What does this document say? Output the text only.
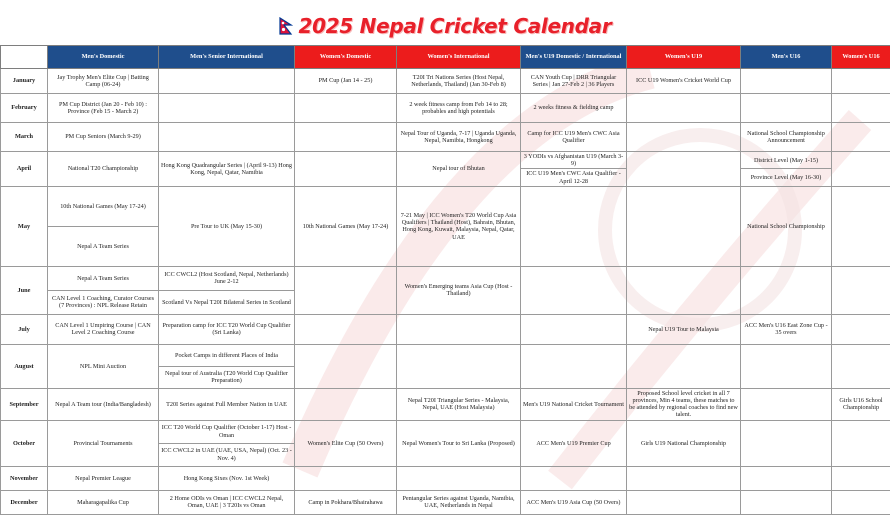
2025 Nepal Cricket Calendar
MONTH	Men's Domestic	Men's Senior International	Women's Domestic	Women's International	Men's U19 Domestic / International	Women's U19	Men's U16	Women's U16
January	Jay Trophy Men's Elite Cup | Batting Camp (06-24)		PM Cup (Jan 14 - 25)	T20I Tri Nations Series (Host Nepal, Netherlands, Thailand) (Jan 30-Feb 8)	CAN Youth Cup | DRR Triangular Series | Jan 27-Feb 2 | 36 Players	ICC U19 Women's Cricket World Cup		
February	PM Cup District (Jan 20 - Feb 10) : Province (Feb 15 - March 2)			2 week fitness camp from Feb 14 to 28; probables and high potentials	2 weeks fitness & fielding camp			
March	PM Cup Seniors (March 9-29)			Nepal Tour of Uganda, 7-17 | Uganda Uganda, Nepal, Namibia, Hongkong	Camp for ICC U19 Men's CWC Asia Qualifier		National School Championship Announcement	
April	National T20 Championship	Hong Kong Quadrangular Series | (April 9-13) Hong Kong, Nepal, Qatar, Namibia		Nepal tour of Bhutan	3 YODIs vs Afghanistan U19 (March 3-9)		District Level (May 1-15)	
					ICC U19 Men's CWC Asia Qualifier - April 12-28		Province Level (May 16-30)	
May	10th National Games (May 17-24)	Pre Tour to UK (May 15-30)	10th National Games (May 17-24)	7-21 May | ICC Women's T20 World Cup Asia Qualifiers | Thailand (Host), Bahrain, Bhutan, Hong Kong, Kuwait, Malaysia, Nepal, Qatar, UAE			National School Championship	
	Nepal A Team Series							
June	Nepal A Team Series	ICC CWCL2 (Host Scotland, Nepal, Netherlands) June 2-12		Women's Emerging teams Asia Cup (Host - Thailand)				
	CAN Level 1 Coaching, Curator Courses (7 Provinces) : NPL Release Retain	Scotland Vs Nepal T20I Bilateral Series in Scotland						
July	CAN Level 1 Umpiring Course | CAN Level 2 Coaching Course	Preparation camp for ICC T20 World Cup Qualifier (Sri Lanka)				Nepal U19 Tour to Malaysia	ACC Men's U16 East Zone Cup - 35 overs	
August	NPL Mini Auction	Pocket Camps in different Places of India						
		Nepal tour of Australia (T20 World Cup Qualifier Preparation)						
September	Nepal A Team tour (India/Bangladesh)	T20I Series against Full Member Nation in UAE		Nepal T20I Triangular Series - Malaysia, Nepal, UAE (Host Malaysia)	Men's U19 National Cricket Tournament	Proposed School level cricket in all 7 provinces, Min 4 teams, these matches to be attended by regional coaches to find new talent.		Girls U16 School Championship
October	Provincial Tournaments	ICC T20 World Cup Qualifier (October 1-17) Host - Oman	Women's Elite Cup (50 Overs)	Nepal Women's Tour to Sri Lanka (Proposed)	ACC Men's U19 Premier Cup	Girls U19 National Championship		
		ICC CWCL2 in UAE (UAE, USA, Nepal) (Oct. 23 - Nov. 4)						
November	Nepal Premier League	Hong Kong Sixes (Nov. 1st Week)						
December	Maharagapalika Cup	2 Home ODIs vs Oman | ICC CWCL2 Nepal, Oman, UAE | 3 T20Is vs Oman	Camp in Pokhara/Bhairahawa	Pentangular Series against Uganda, Namibia, UAE, Netherlands in Nepal	ACC Men's U19 Asia Cup (50 Overs)			
